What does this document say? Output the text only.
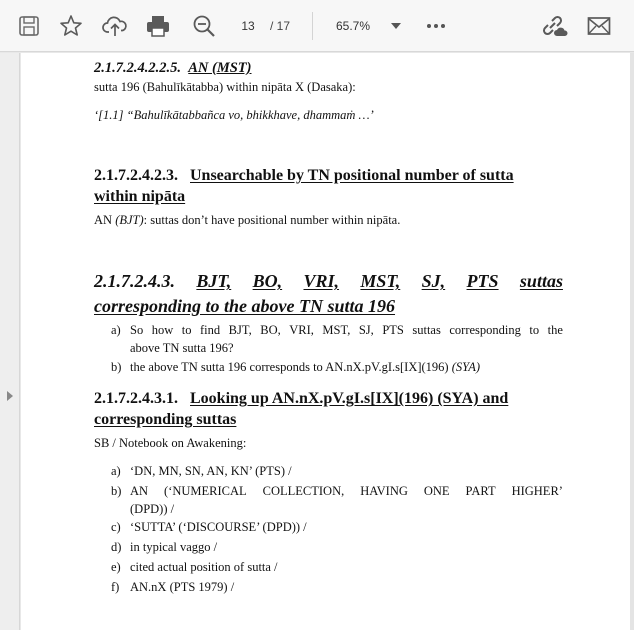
13
/ 17	65.7%
2.1.7.2.4.2.2.5. AN (MST)
sutta 196 (Bahulīkātabba) within nipāta X (Dasaka):
‘[1.1] “Bahulīkātabbañca vo, bhikkhave, dhammaṁ …’
2.1.7.2.4.2.3.
Unsearchable by TN positional number of sutta
within nipāta
AN (BJT): suttas don’t have positional number within nipāta.
2.1.7.2.4.3. BJT, BO, VRI, MST, SJ, PTS suttas
corresponding to the above TN sutta 196
a) So how to find BJT, BO, VRI, MST, SJ, PTS suttas corresponding to the
above TN sutta 196?
b) the above TN sutta 196 corresponds to AN.nX.pV.gI.s[IX](196) (SYA)
2.1.7.2.4.3.1. Looking up AN.nX.pV.gI.s[IX](196) (SYA) and
corresponding suttas
SB / Notebook on Awakening:
a) ‘DN, MN, SN, AN, KN’ (PTS) /
b) AN (‘NUMERICAL COLLECTION, HAVING ONE PART HIGHER’
(DPD)) /
c) ‘SUTTA’ (‘DISCOURSE’ (DPD)) /
d) in typical vaggo /
e) cited actual position of sutta /
f) AN.nX (PTS 1979) /
